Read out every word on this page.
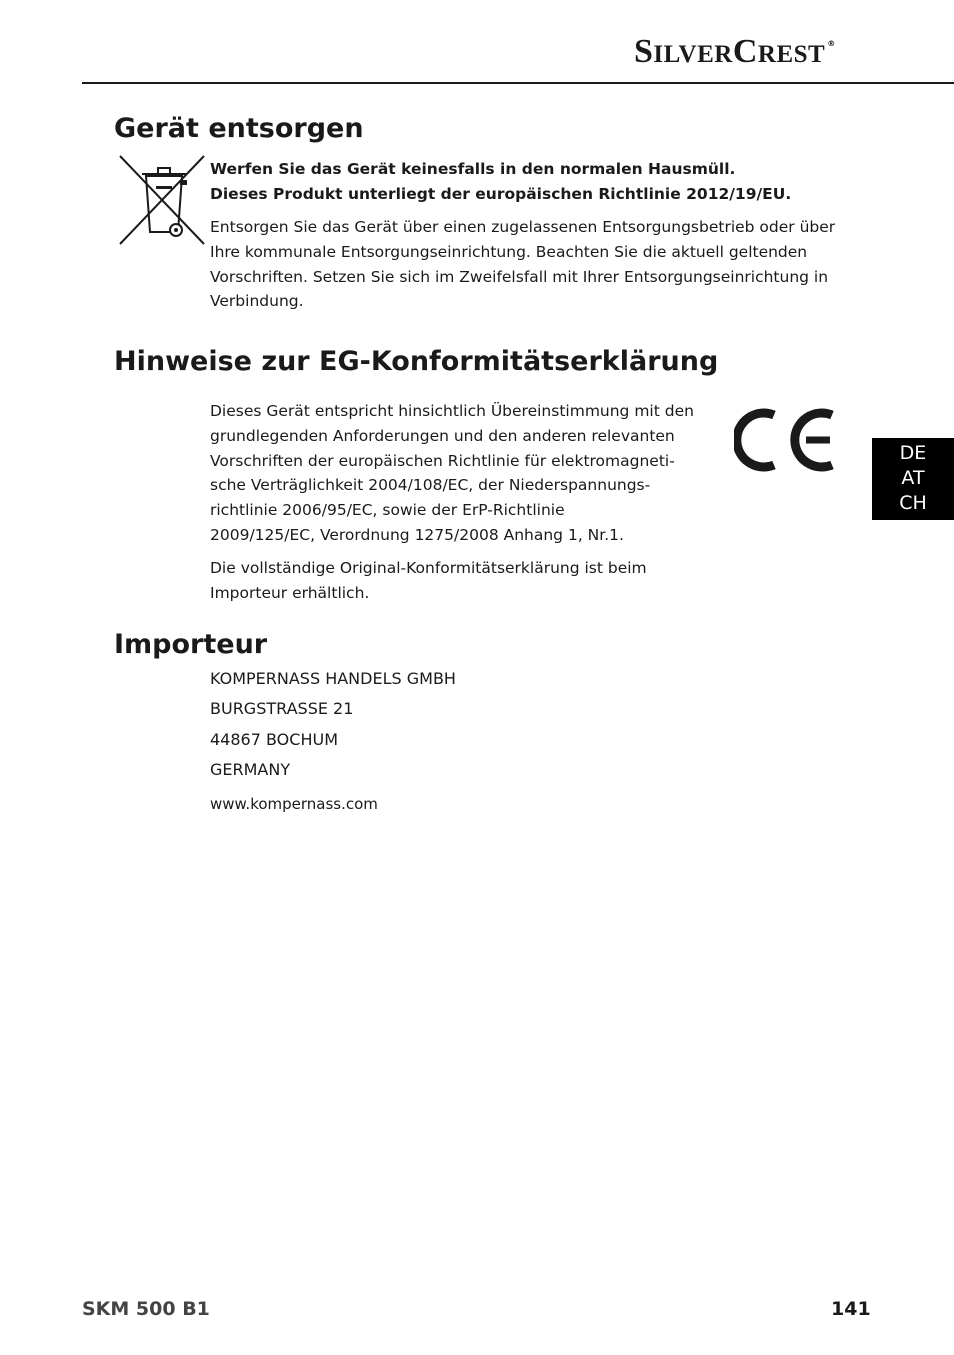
SILVERCREST ®
Gerät entsorgen
Werfen Sie das Gerät keinesfalls in den normalen Hausmüll.
Dieses Produkt unterliegt der europäischen Richtlinie 2012/19/EU.
Entsorgen Sie das Gerät über einen zugelassenen Entsorgungsbetrieb oder über
Ihre kommunale Entsorgungseinrichtung. Beachten Sie die aktuell geltenden
Vorschriften. Setzen Sie sich im Zweifelsfall mit Ihrer Entsorgungseinrichtung in
Verbindung.
Hinweise zur EG-Konformitätserklärung
Dieses Gerät entspricht hinsichtlich Übereinstimmung mit den
grundlegenden Anforderungen und den anderen relevanten
Vorschriften der europäischen Richtlinie für elektromagneti-
sche Verträglichkeit 2004/108/EC, der Niederspannungs-
richtlinie 2006/95/EC, sowie der ErP-Richtlinie
2009/125/EC, Verordnung 1275/2008 Anhang 1, Nr.1.
Die vollständige Original-Konformitätserklärung ist beim
Importeur erhältlich.
DE
AT
CH
Importeur
KOMPERNASS HANDELS GMBH
BURGSTRASSE 21
44867 BOCHUM
GERMANY
www.kompernass.com
SKM 500 B1	141
